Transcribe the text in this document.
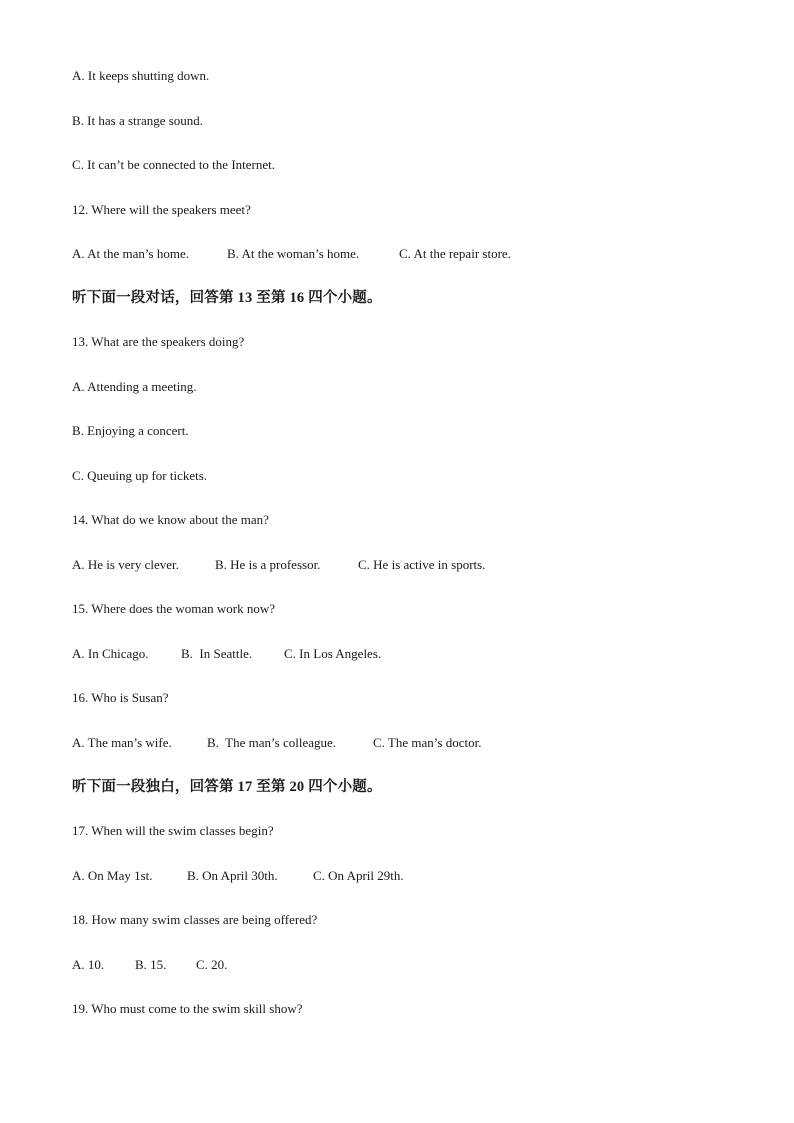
A. It keeps shutting down.

B. It has a strange sound.

C. It can’t be connected to the Internet.

12. Where will the speakers meet?

A. At the man’s home.	B. At the woman’s home.	C. At the repair store.

听下面一段对话，回答第 13 至第 16 四个小题。

13. What are the speakers doing?

A. Attending a meeting.

B. Enjoying a concert.

C. Queuing up for tickets.

14. What do we know about the man?

A. He is very clever.	B. He is a professor.	C. He is active in sports.

15. Where does the woman work now?

A. In Chicago. B.  In Seattle. C. In Los Angeles.

16. Who is Susan?

A. The man’s wife.	B.  The man’s colleague.	C. The man’s doctor.

听下面一段独白，回答第 17 至第 20 四个小题。

17. When will the swim classes begin?

A. On May 1st.	B. On April 30th.	C. On April 29th.

18. How many swim classes are being offered?

A. 10. B. 15. C. 20.

19. Who must come to the swim skill show?
